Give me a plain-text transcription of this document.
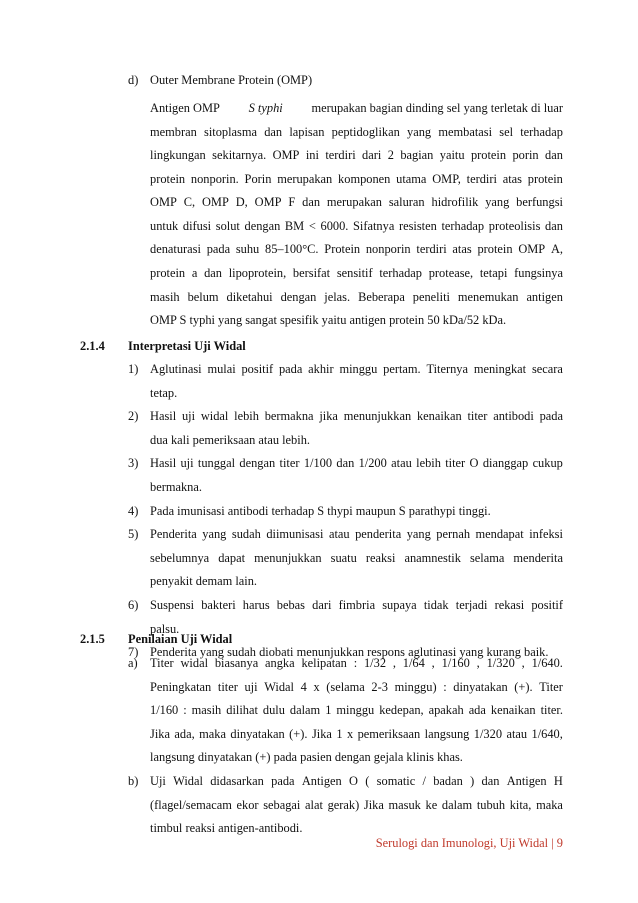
d) Outer Membrane Protein (OMP)
Antigen OMP S typhi merupakan bagian dinding sel yang terletak di luar
membran sitoplasma dan lapisan peptidoglikan yang membatasi sel terhadap
lingkungan sekitarnya. OMP ini terdiri dari 2 bagian yaitu protein porin dan
protein nonporin. Porin merupakan komponen utama OMP, terdiri atas protein
OMP C, OMP D, OMP F dan merupakan saluran hidrofilik yang berfungsi
untuk difusi solut dengan BM < 6000. Sifatnya resisten terhadap proteolisis dan
denaturasi pada suhu 85–100°C. Protein nonporin terdiri atas protein OMP A,
protein a dan lipoprotein, bersifat sensitif terhadap protease, tetapi fungsinya
masih belum diketahui dengan jelas. Beberapa peneliti menemukan antigen
OMP S typhi yang sangat spesifik yaitu antigen protein 50 kDa/52 kDa.
2.1.4 Interpretasi Uji Widal
1) Aglutinasi mulai positif pada akhir minggu pertam. Titernya meningkat secara
tetap.
2) Hasil uji widal lebih bermakna jika menunjukkan kenaikan titer antibodi pada
dua kali pemeriksaan atau lebih.
3) Hasil uji tunggal dengan titer 1/100 dan 1/200 atau lebih titer O dianggap cukup
bermakna.
4) Pada imunisasi antibodi terhadap S thypi maupun S parathypi tinggi.
5) Penderita yang sudah diimunisasi atau penderita yang pernah mendapat infeksi
sebelumnya dapat menunjukkan suatu reaksi anamnestik selama menderita
penyakit demam lain.
6) Suspensi bakteri harus bebas dari fimbria supaya tidak terjadi rekasi positif
palsu.
7) Penderita yang sudah diobati menunjukkan respons aglutinasi yang kurang baik.
2.1.5 Penilaian Uji Widal
a) Titer widal biasanya angka kelipatan : 1/32 , 1/64 , 1/160 , 1/320 , 1/640.
Peningkatan titer uji Widal 4 x (selama 2-3 minggu) : dinyatakan (+). Titer
1/160 : masih dilihat dulu dalam 1 minggu kedepan, apakah ada kenaikan titer.
Jika ada, maka dinyatakan (+). Jika 1 x pemeriksaan langsung 1/320 atau 1/640,
langsung dinyatakan (+) pada pasien dengan gejala klinis khas.
b) Uji Widal didasarkan pada Antigen O ( somatic / badan ) dan Antigen H
(flagel/semacam ekor sebagai alat gerak) Jika masuk ke dalam tubuh kita, maka
timbul reaksi antigen-antibodi.
Serulogi dan Imunologi, Uji Widal | 9
